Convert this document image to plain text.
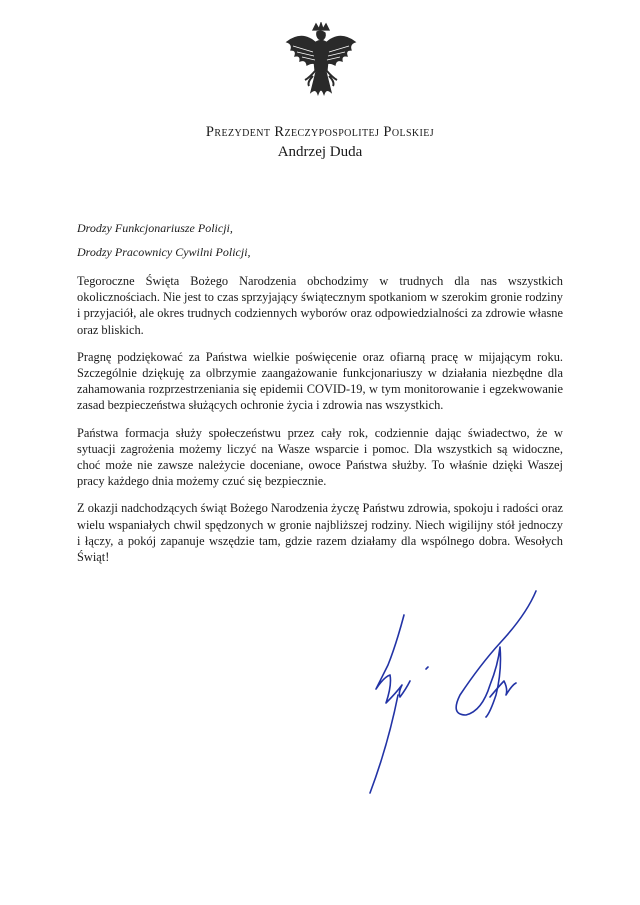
Prezydent Rzeczypospolitej Polskiej
Andrzej Duda
Drodzy Funkcjonariusze Policji,
Drodzy Pracownicy Cywilni Policji,

Tegoroczne Święta Bożego Narodzenia obchodzimy w trudnych dla nas wszystkich okolicznościach. Nie jest to czas sprzyjający świątecznym spotkaniom w szerokim gronie rodziny i przyjaciół, ale okres trudnych codziennych wyborów oraz odpowiedzialności za zdrowie własne oraz bliskich.

Pragnę podziękować za Państwa wielkie poświęcenie oraz ofiarną pracę w mijającym roku. Szczególnie dziękuję za olbrzymie zaangażowanie funkcjonariuszy w działania niezbędne dla zahamowania rozprzestrzeniania się epidemii COVID-19, w tym monitorowanie i egzekwowanie zasad bezpieczeństwa służących ochronie życia i zdrowia nas wszystkich.

Państwa formacja służy społeczeństwu przez cały rok, codziennie dając świadectwo, że w sytuacji zagrożenia możemy liczyć na Wasze wsparcie i pomoc. Dla wszystkich są widoczne, choć może nie zawsze należycie doceniane, owoce Państwa służby. To właśnie dzięki Waszej pracy każdego dnia możemy czuć się bezpiecznie.

Z okazji nadchodzących świąt Bożego Narodzenia życzę Państwu zdrowia, spokoju i radości oraz wielu wspaniałych chwil spędzonych w gronie najbliższej rodziny. Niech wigilijny stół jednoczy i łączy, a pokój zapanuje wszędzie tam, gdzie razem działamy dla wspólnego dobra. Wesołych Świąt!
